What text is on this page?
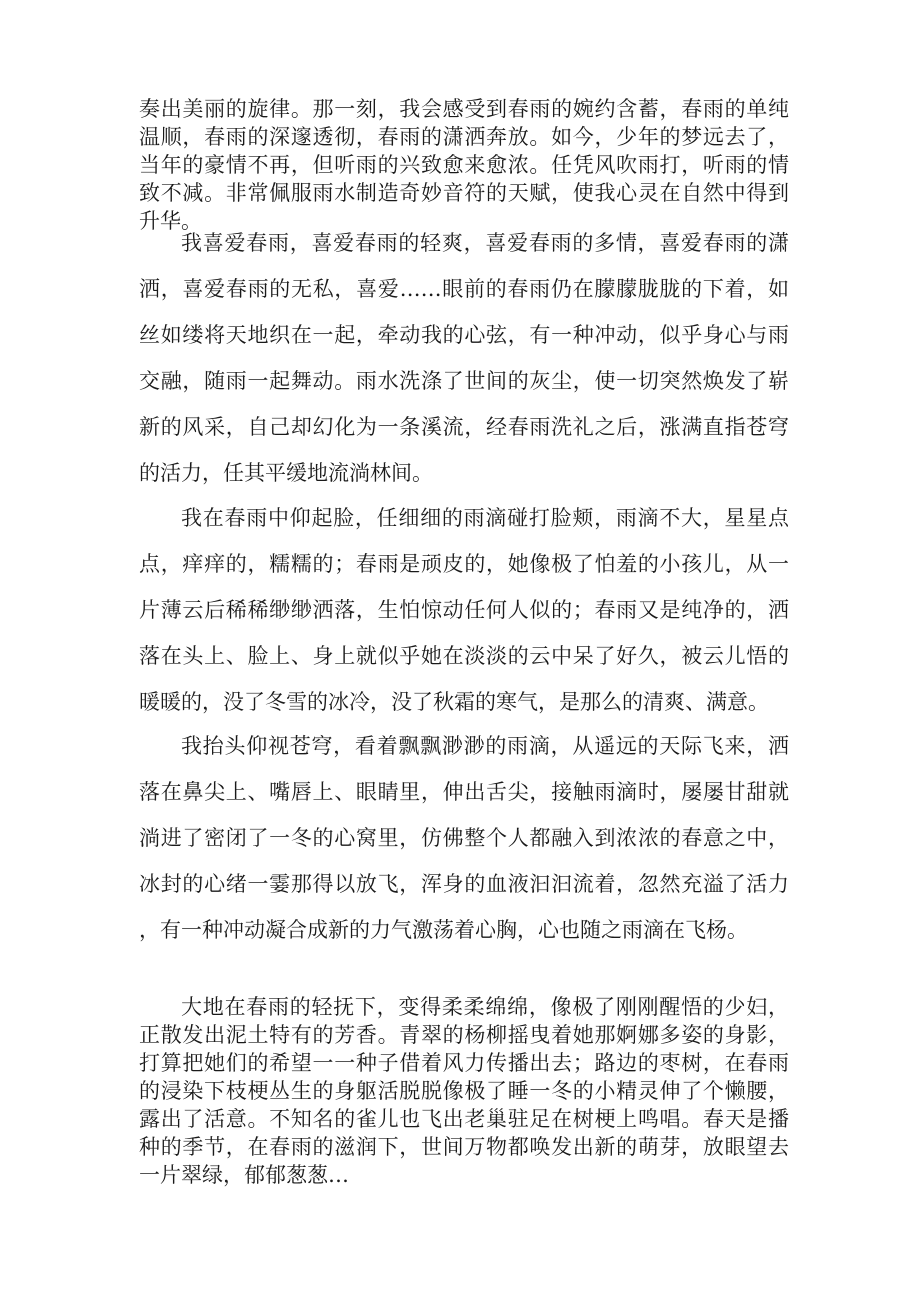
奏出美丽的旋律。那一刻，我会感受到春雨的婉约含蓄，春雨的单纯温顺，春雨的深邃透彻，春雨的潇洒奔放。如今，少年的梦远去了，当年的豪情不再，但听雨的兴致愈来愈浓。任凭风吹雨打，听雨的情致不减。非常佩服雨水制造奇妙音符的天赋，使我心灵在自然中得到升华。

我喜爱春雨，喜爱春雨的轻爽，喜爱春雨的多情，喜爱春雨的潇洒，喜爱春雨的无私，喜爱……眼前的春雨仍在朦朦胧胧的下着，如丝如缕将天地织在一起，牵动我的心弦，有一种冲动，似乎身心与雨交融，随雨一起舞动。雨水洗涤了世间的灰尘，使一切突然焕发了崭新的风采，自己却幻化为一条溪流，经春雨洗礼之后，涨满直指苍穹的活力，任其平缓地流淌林间。

我在春雨中仰起脸，任细细的雨滴碰打脸颊，雨滴不大，星星点点，痒痒的，糯糯的；春雨是顽皮的，她像极了怕羞的小孩儿，从一片薄云后稀稀缈缈洒落，生怕惊动任何人似的；春雨又是纯净的，洒落在头上、脸上、身上就似乎她在淡淡的云中呆了好久，被云儿悟的暖暖的，没了冬雪的冰冷，没了秋霜的寒气，是那么的清爽、满意。

我抬头仰视苍穹，看着飘飘渺渺的雨滴，从遥远的天际飞来，洒落在鼻尖上、嘴唇上、眼睛里，伸出舌尖，接触雨滴时，屡屡甘甜就淌进了密闭了一冬的心窝里，仿佛整个人都融入到浓浓的春意之中，冰封的心绪一霎那得以放飞，浑身的血液汩汩流着，忽然充溢了活力，有一种冲动凝合成新的力气激荡着心胸，心也随之雨滴在飞杨。

大地在春雨的轻抚下，变得柔柔绵绵，像极了刚刚醒悟的少妇，正散发出泥土特有的芳香。青翠的杨柳摇曳着她那婀娜多姿的身影，打算把她们的希望一一种子借着风力传播出去；路边的枣树，在春雨的浸染下枝梗丛生的身躯活脱脱像极了睡一冬的小精灵伸了个懒腰，露出了活意。不知名的雀儿也飞出老巢驻足在树梗上鸣唱。春天是播种的季节，在春雨的滋润下，世间万物都唤发出新的萌芽，放眼望去一片翠绿，郁郁葱葱…
